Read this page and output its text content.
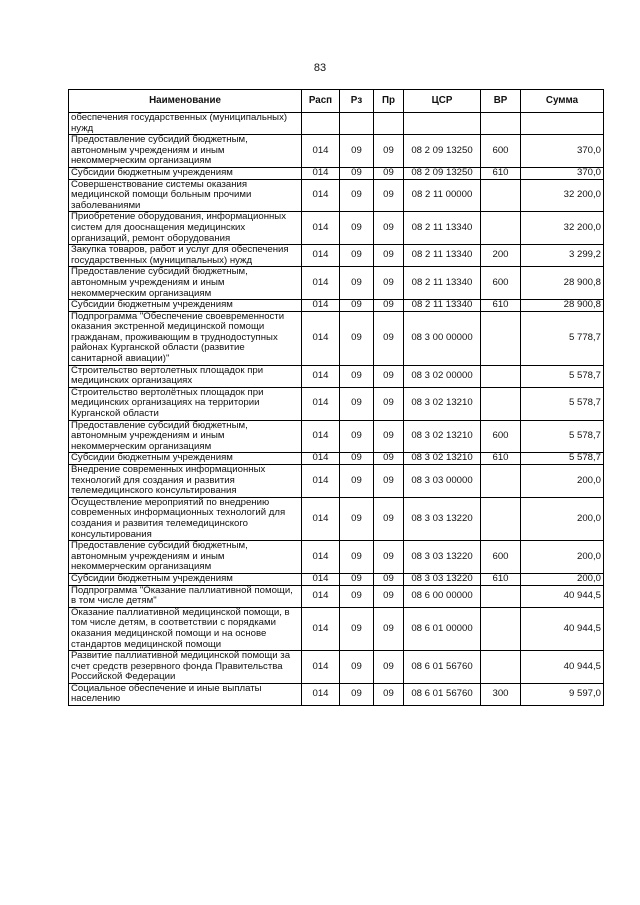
83
Наименование	Расп	Рз	Пр	ЦСР	ВР	Сумма
обеспечения государственных (муниципальных) нужд						
Предоставление субсидий бюджетным, автономным учреждениям и иным некоммерческим организациям	014	09	09	08 2 09 13250	600	370,0
Субсидии бюджетным учреждениям	014	09	09	08 2 09 13250	610	370,0
Совершенствование системы оказания медицинской помощи больным прочими заболеваниями	014	09	09	08 2 11 00000		32 200,0
Приобретение оборудования, информационных систем для дооснащения медицинских организаций, ремонт оборудования	014	09	09	08 2 11 13340		32 200,0
Закупка товаров, работ и услуг для обеспечения государственных (муниципальных) нужд	014	09	09	08 2 11 13340	200	3 299,2
Предоставление субсидий бюджетным, автономным учреждениям и иным некоммерческим организациям	014	09	09	08 2 11 13340	600	28 900,8
Субсидии бюджетным учреждениям	014	09	09	08 2 11 13340	610	28 900,8
Подпрограмма "Обеспечение своевременности оказания экстренной медицинской помощи гражданам, проживающим в труднодоступных районах Курганской области (развитие санитарной авиации)"	014	09	09	08 3 00 00000		5 778,7
Строительство вертолетных площадок при медицинских организациях	014	09	09	08 3 02 00000		5 578,7
Строительство вертолётных площадок при медицинских организациях на территории Курганской области	014	09	09	08 3 02 13210		5 578,7
Предоставление субсидий бюджетным, автономным учреждениям и иным некоммерческим организациям	014	09	09	08 3 02 13210	600	5 578,7
Субсидии бюджетным учреждениям	014	09	09	08 3 02 13210	610	5 578,7
Внедрение современных информационных технологий для создания и развития телемедицинского консультирования	014	09	09	08 3 03 00000		200,0
Осуществление мероприятий по внедрению современных информационных технологий для создания и развития телемедицинского консультирования	014	09	09	08 3 03 13220		200,0
Предоставление субсидий бюджетным, автономным учреждениям и иным некоммерческим организациям	014	09	09	08 3 03 13220	600	200,0
Субсидии бюджетным учреждениям	014	09	09	08 3 03 13220	610	200,0
Подпрограмма "Оказание паллиативной помощи, в том числе детям"	014	09	09	08 6 00 00000		40 944,5
Оказание паллиативной медицинской помощи, в том числе детям, в соответствии с порядками оказания медицинской помощи и на основе стандартов медицинской помощи	014	09	09	08 6 01 00000		40 944,5
Развитие паллиативной медицинской помощи за счет средств резервного фонда Правительства Российской Федерации	014	09	09	08 6 01 56760		40 944,5
Социальное обеспечение и иные выплаты населению	014	09	09	08 6 01 56760	300	9 597,0
